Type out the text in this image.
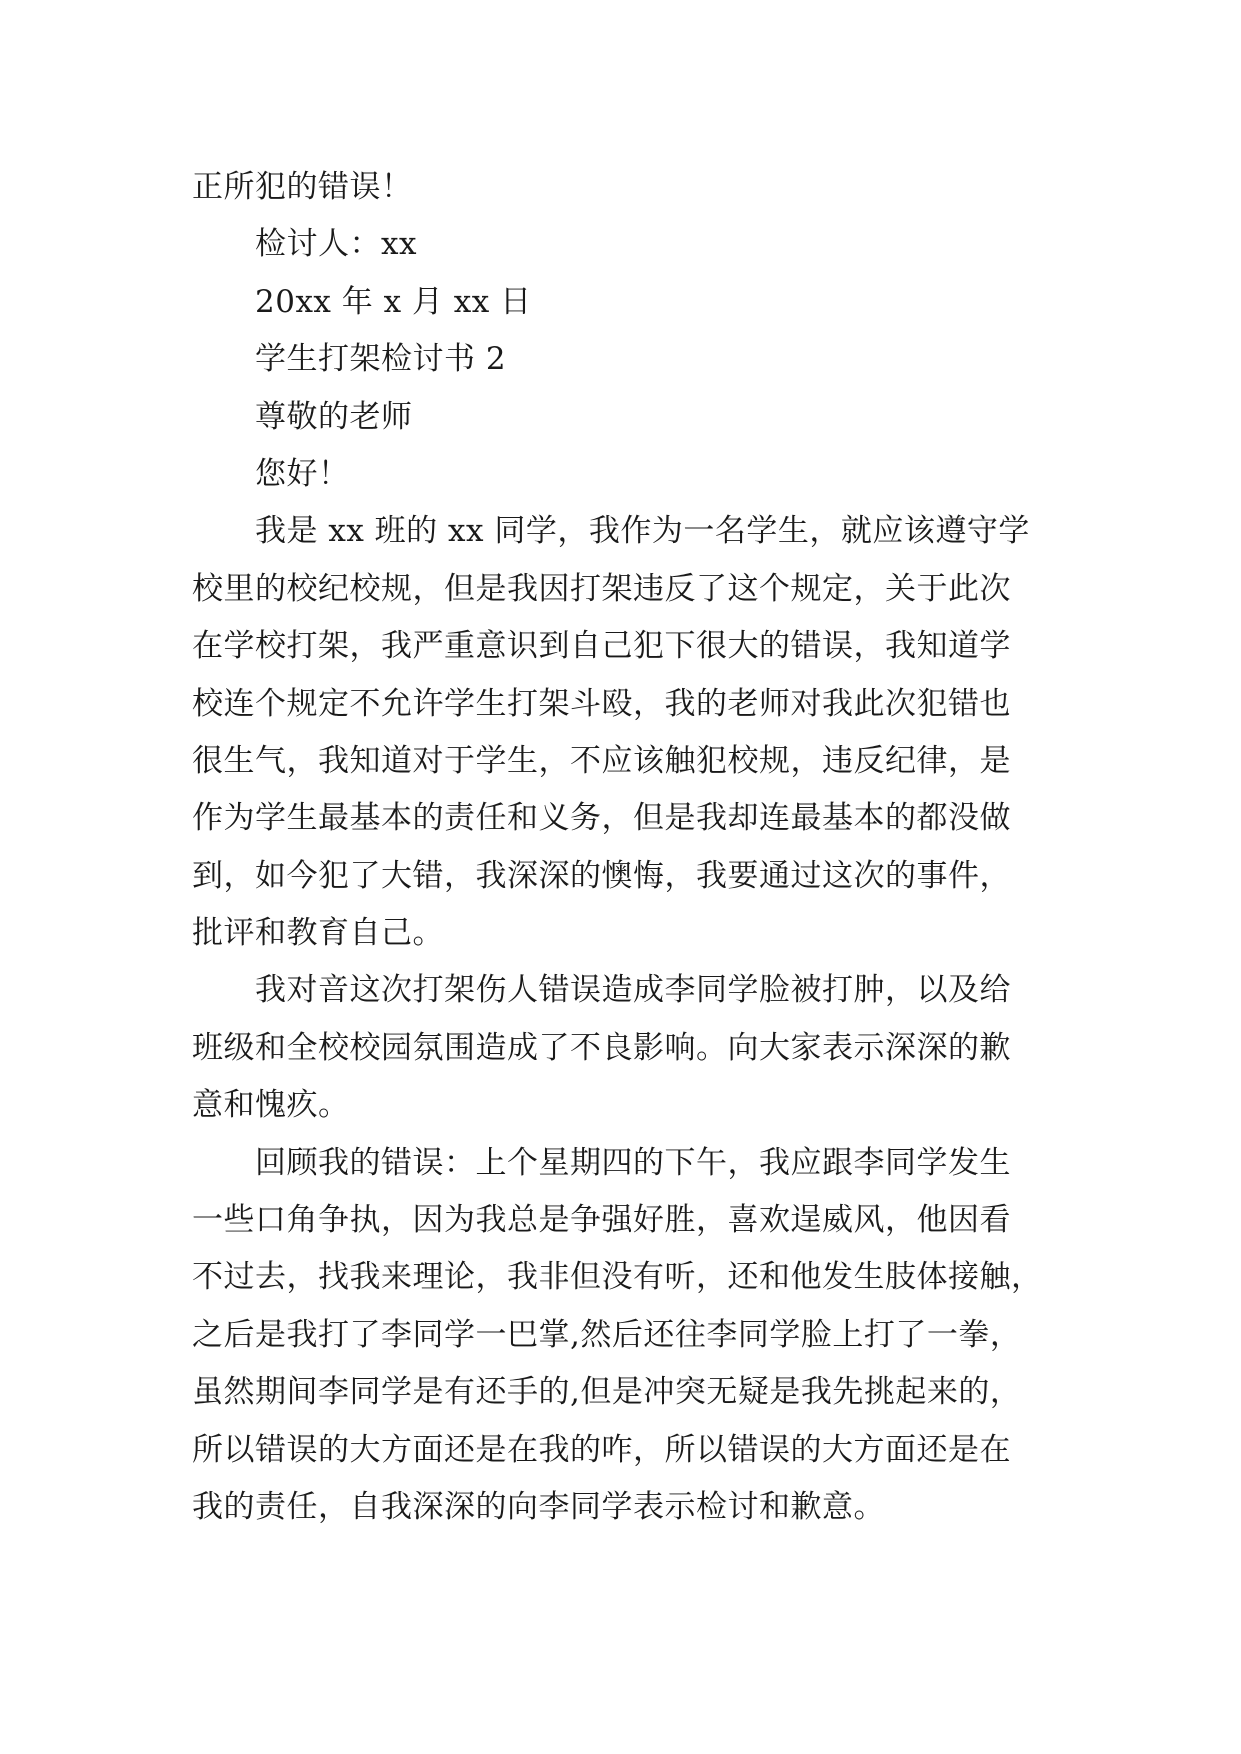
正所犯的错误！
检讨人：xx
20xx 年 x 月 xx 日
学生打架检讨书 2
尊敬的老师
您好！
我是 xx 班的 xx 同学，我作为一名学生，就应该遵守学
校里的校纪校规，但是我因打架违反了这个规定，关于此次
在学校打架，我严重意识到自己犯下很大的错误，我知道学
校连个规定不允许学生打架斗殴，我的老师对我此次犯错也
很生气，我知道对于学生，不应该触犯校规，违反纪律，是
作为学生最基本的责任和义务，但是我却连最基本的都没做
到，如今犯了大错，我深深的懊悔，我要通过这次的事件，
批评和教育自己。
我对音这次打架伤人错误造成李同学脸被打肿，以及给
班级和全校校园氛围造成了不良影响。向大家表示深深的歉
意和愧疚。
回顾我的错误：上个星期四的下午，我应跟李同学发生
一些口角争执，因为我总是争强好胜，喜欢逞威风，他因看
不过去，找我来理论，我非但没有听，还和他发生肢体接触，
之后是我打了李同学一巴掌,然后还往李同学脸上打了一拳，
虽然期间李同学是有还手的,但是冲突无疑是我先挑起来的，
所以错误的大方面还是在我的咋，所以错误的大方面还是在
我的责任，自我深深的向李同学表示检讨和歉意。
